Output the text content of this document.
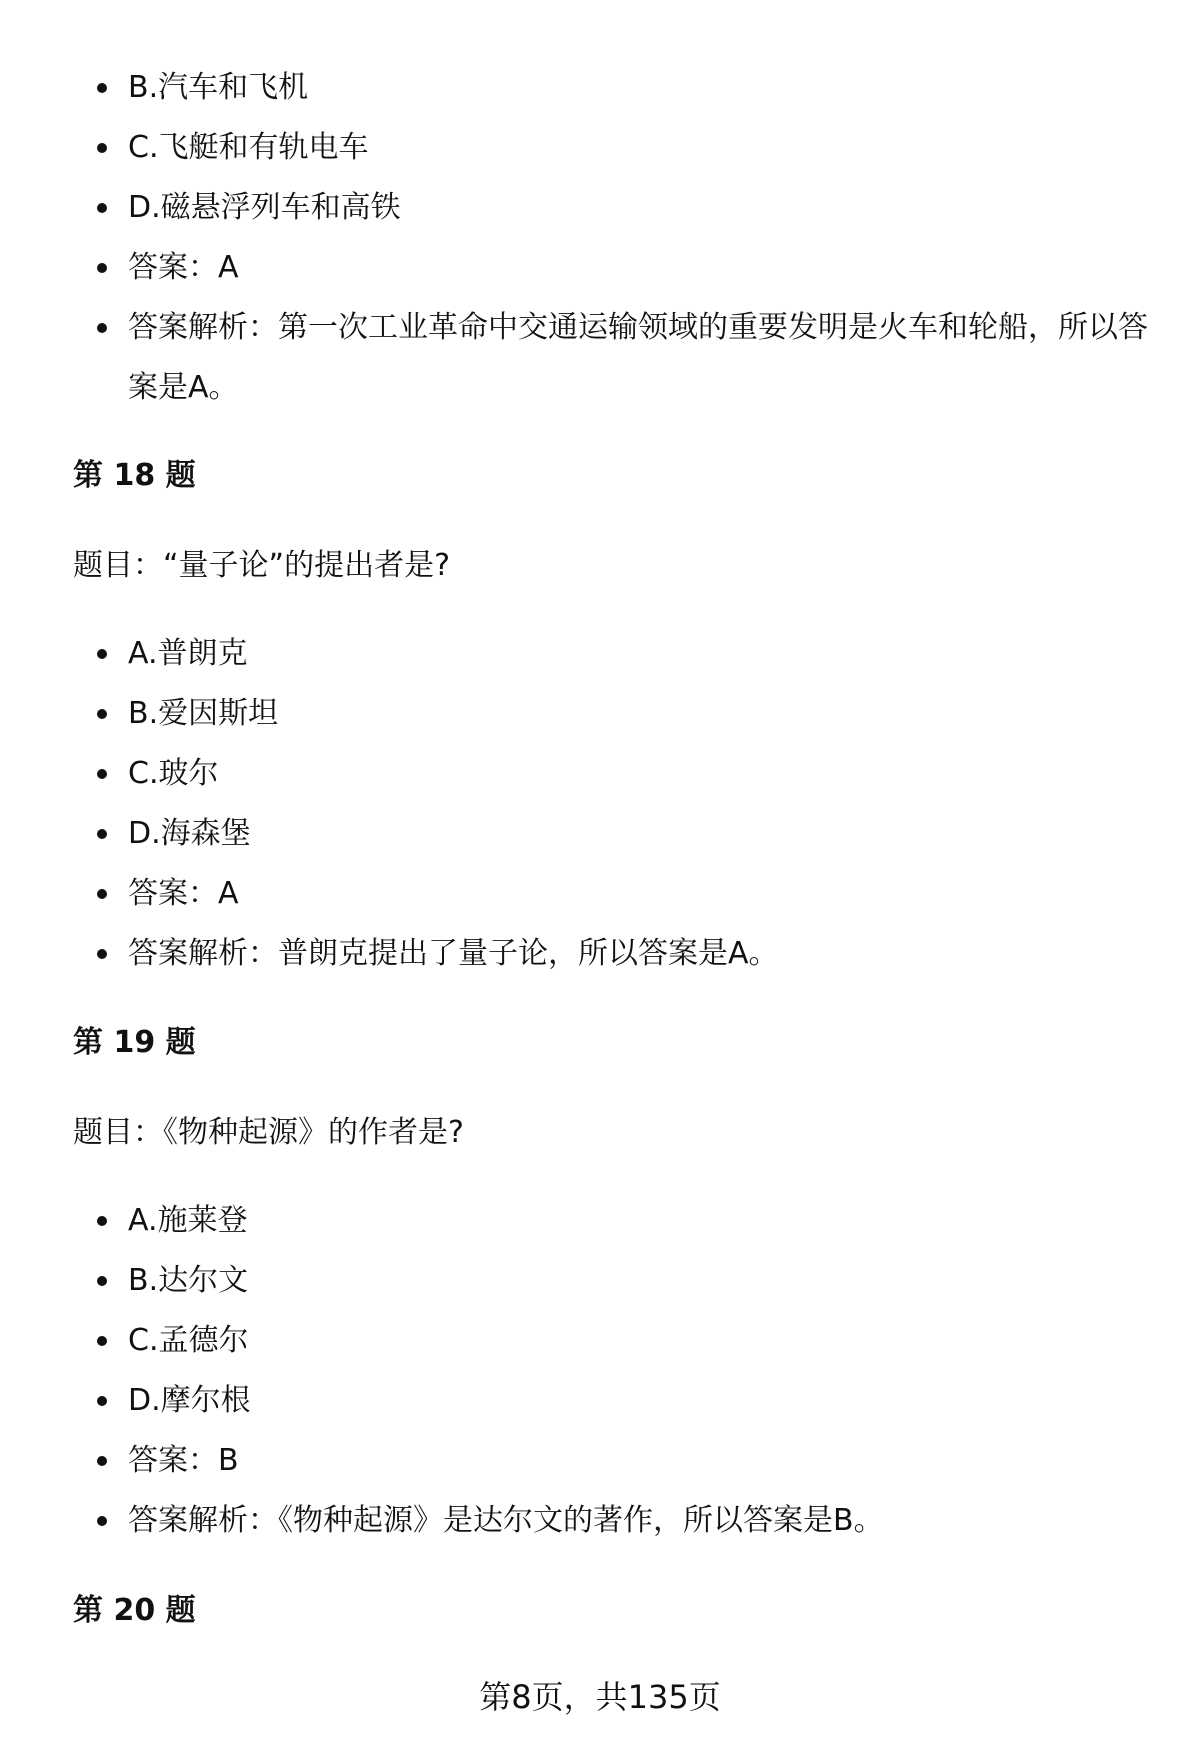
B.汽车和飞机
C.飞艇和有轨电车
D.磁悬浮列车和高铁
答案：A
答案解析：第一次工业革命中交通运输领域的重要发明是火车和轮船，所以答案是A。
第 18 题

题目：“量子论”的提出者是?

A.普朗克
B.爱因斯坦
C.玻尔
D.海森堡
答案：A
答案解析：普朗克提出了量子论，所以答案是A。
第 19 题

题目：《物种起源》的作者是?

A.施莱登
B.达尔文
C.孟德尔
D.摩尔根
答案：B
答案解析：《物种起源》是达尔文的著作，所以答案是B。
第 20 题
第8页，共135页
